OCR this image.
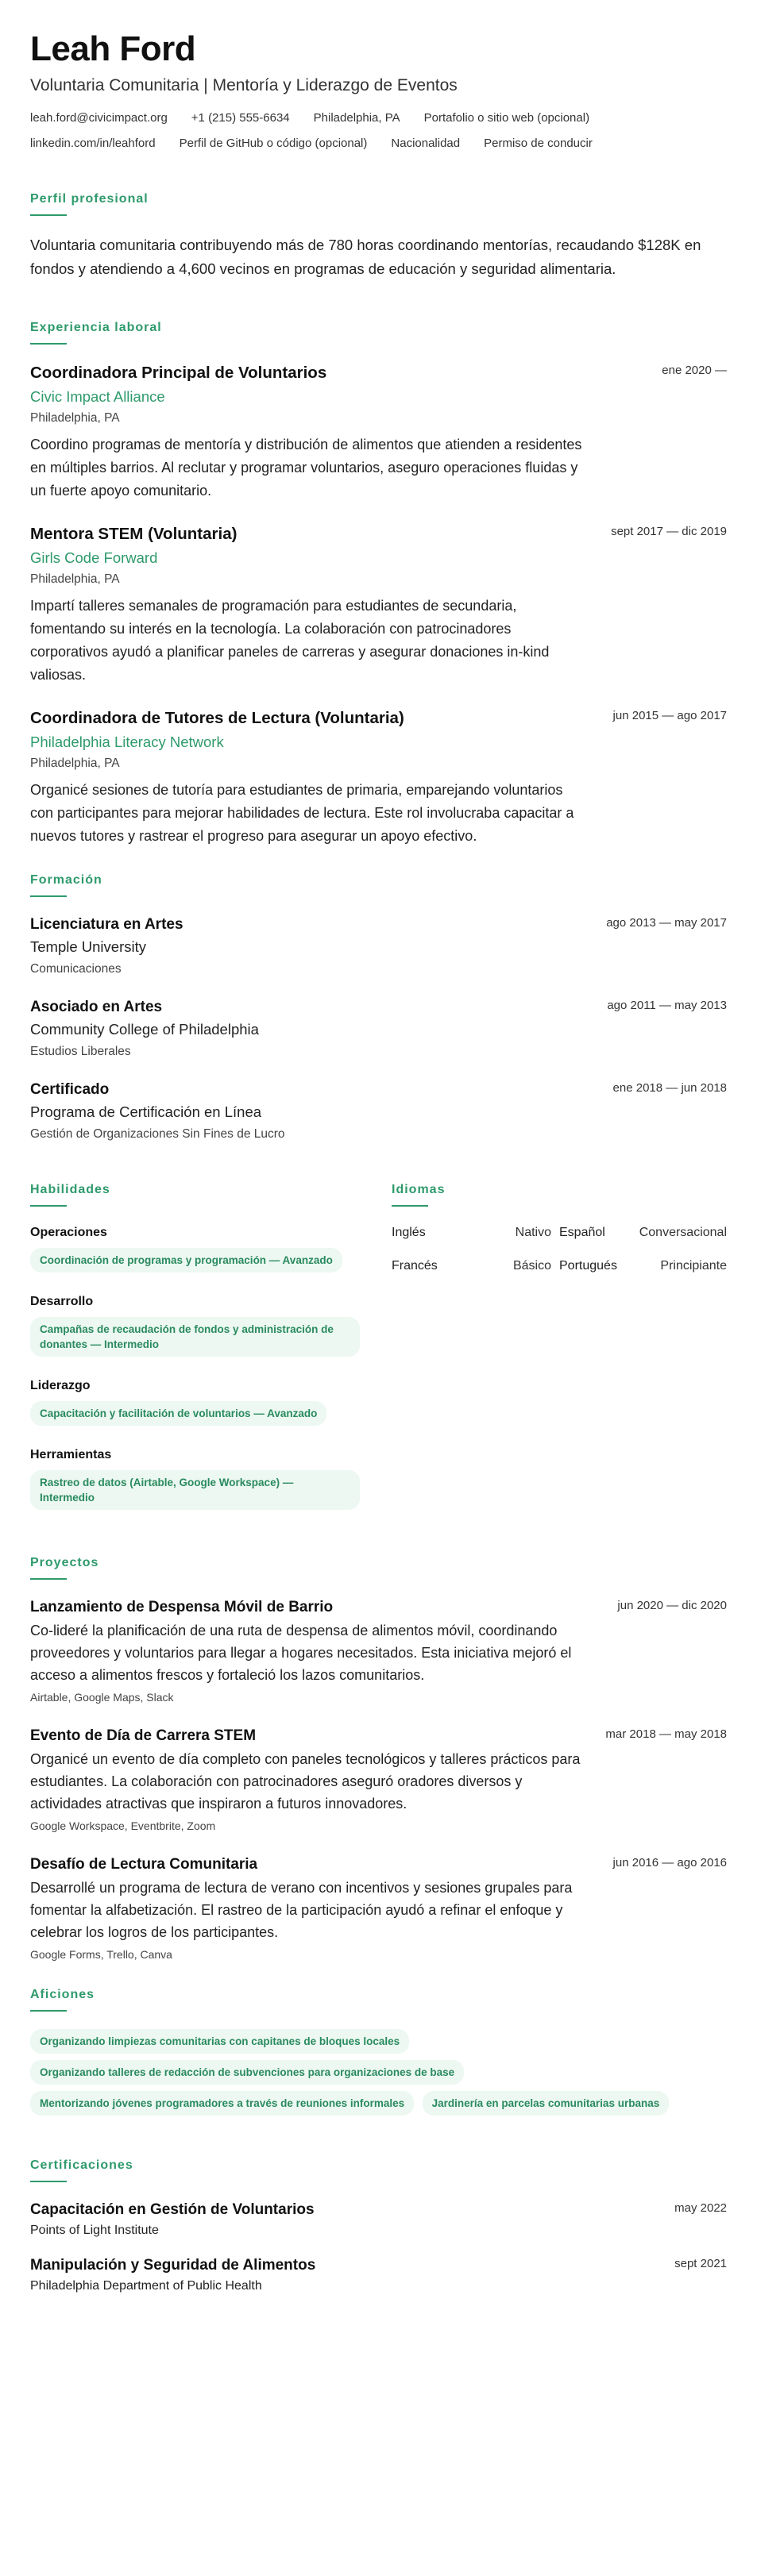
Leah Ford
Voluntaria Comunitaria | Mentoría y Liderazgo de Eventos
leah.ford@civicimpact.org +1 (215) 555-6634 Philadelphia, PA Portafolio o sitio web (opcional)
linkedin.com/in/leahford Perfil de GitHub o código (opcional) Nacionalidad Permiso de conducir
Perfil profesional
Voluntaria comunitaria contribuyendo más de 780 horas coordinando mentorías, recaudando $128K en fondos y atendiendo a 4,600 vecinos en programas de educación y seguridad alimentaria.
Experiencia laboral
Coordinadora Principal de Voluntarios	ene 2020 —
Civic Impact Alliance
Philadelphia, PA
Coordino programas de mentoría y distribución de alimentos que atienden a residentes en múltiples barrios. Al reclutar y programar voluntarios, aseguro operaciones fluidas y un fuerte apoyo comunitario.
Mentora STEM (Voluntaria)	sept 2017 — dic 2019
Girls Code Forward
Philadelphia, PA
Impartí talleres semanales de programación para estudiantes de secundaria, fomentando su interés en la tecnología. La colaboración con patrocinadores corporativos ayudó a planificar paneles de carreras y asegurar donaciones in-kind valiosas.
Coordinadora de Tutores de Lectura (Voluntaria)	jun 2015 — ago 2017
Philadelphia Literacy Network
Philadelphia, PA
Organicé sesiones de tutoría para estudiantes de primaria, emparejando voluntarios con participantes para mejorar habilidades de lectura. Este rol involucraba capacitar a nuevos tutores y rastrear el progreso para asegurar un apoyo efectivo.
Formación
Licenciatura en Artes	ago 2013 — may 2017
Temple University
Comunicaciones
Asociado en Artes	ago 2011 — may 2013
Community College of Philadelphia
Estudios Liberales
Certificado	ene 2018 — jun 2018
Programa de Certificación en Línea
Gestión de Organizaciones Sin Fines de Lucro
Habilidades
Operaciones
Coordinación de programas y programación — Avanzado
Desarrollo
Campañas de recaudación de fondos y administración de donantes — Intermedio
Liderazgo
Capacitación y facilitación de voluntarios — Avanzado
Herramientas
Rastreo de datos (Airtable, Google Workspace) — Intermedio
Idiomas
Inglés	Nativo Español	Conversacional
Francés	Básico Portugués	Principiante
Proyectos
Lanzamiento de Despensa Móvil de Barrio	jun 2020 — dic 2020
Co-lideré la planificación de una ruta de despensa de alimentos móvil, coordinando proveedores y voluntarios para llegar a hogares necesitados. Esta iniciativa mejoró el acceso a alimentos frescos y fortaleció los lazos comunitarios.
Airtable, Google Maps, Slack
Evento de Día de Carrera STEM	mar 2018 — may 2018
Organicé un evento de día completo con paneles tecnológicos y talleres prácticos para estudiantes. La colaboración con patrocinadores aseguró oradores diversos y actividades atractivas que inspiraron a futuros innovadores.
Google Workspace, Eventbrite, Zoom
Desafío de Lectura Comunitaria	jun 2016 — ago 2016
Desarrollé un programa de lectura de verano con incentivos y sesiones grupales para fomentar la alfabetización. El rastreo de la participación ayudó a refinar el enfoque y celebrar los logros de los participantes.
Google Forms, Trello, Canva
Aficiones
Organizando limpiezas comunitarias con capitanes de bloques locales
Organizando talleres de redacción de subvenciones para organizaciones de base
Mentorizando jóvenes programadores a través de reuniones informales	Jardinería en parcelas comunitarias urbanas
Certificaciones
Capacitación en Gestión de Voluntarios	may 2022
Points of Light Institute
Manipulación y Seguridad de Alimentos	sept 2021
Philadelphia Department of Public Health
